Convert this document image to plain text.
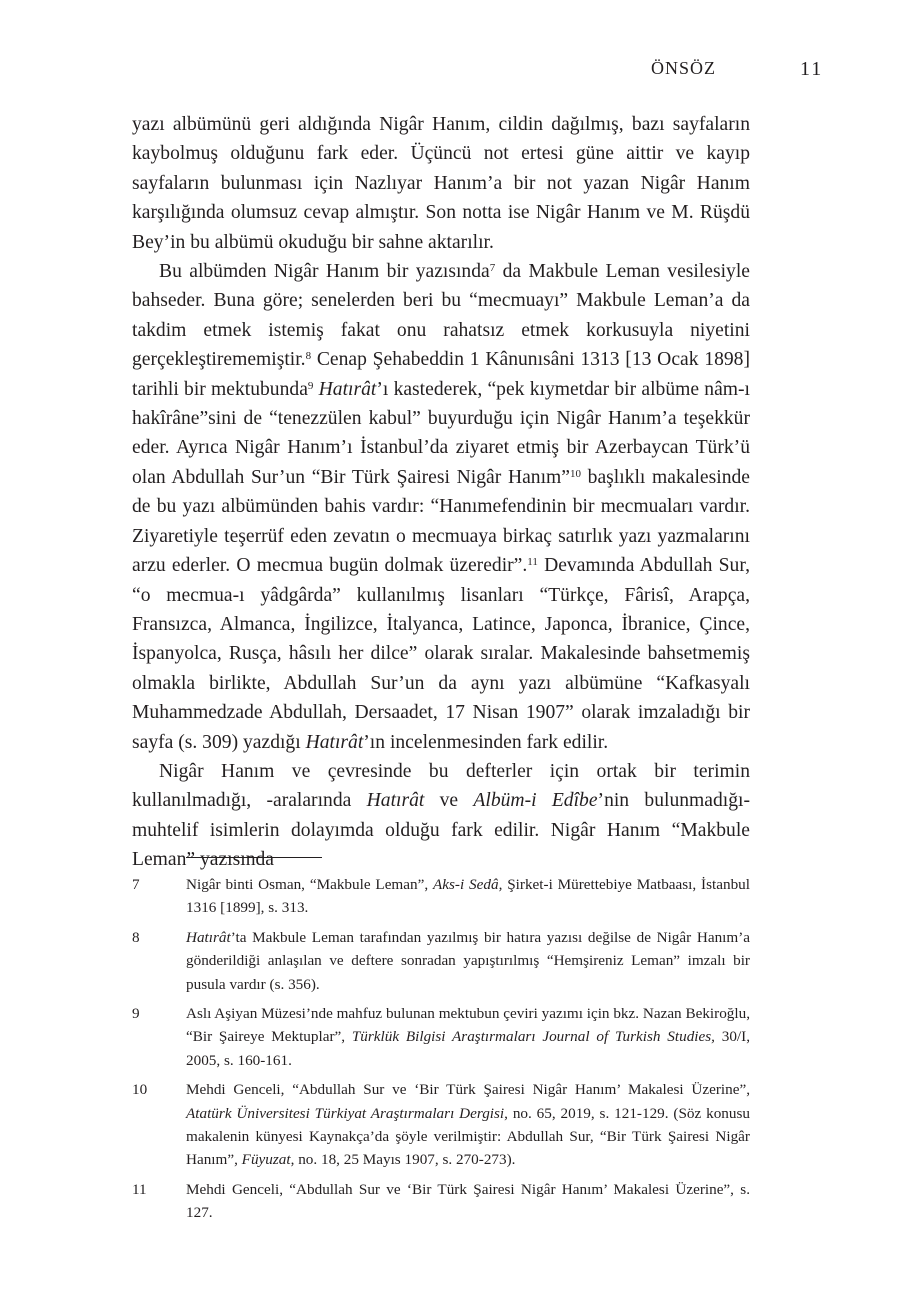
ÖNSÖZ	11

yazı albümünü geri aldığında Nigâr Hanım, cildin dağılmış, bazı sayfaların kaybolmuş olduğunu fark eder. Üçüncü not ertesi güne aittir ve kayıp sayfaların bulunması için Nazlıyar Hanım’a bir not yazan Nigâr Hanım karşılığında olumsuz cevap almıştır. Son notta ise Nigâr Hanım ve M. Rüşdü Bey’in bu albümü okuduğu bir sahne aktarılır.

Bu albümden Nigâr Hanım bir yazısında$^7$ da Makbule Leman vesilesiyle bahseder. Buna göre; senelerden beri bu “mecmuayı” Makbule Leman’a da takdim etmek istemiş fakat onu rahatsız etmek korkusuyla niyetini gerçekleştirememiştir.$^8$ Cenap Şehabeddin 1 Kânunısâni 1313 [13 Ocak 1898] tarihli bir mektubunda$^9$ Hatırât’ı kastederek, “pek kıymetdar bir albüme nâm-ı hakîrâne”sini de “tenezzülen kabul” buyurduğu için Nigâr Hanım’a teşekkür eder. Ayrıca Nigâr Hanım’ı İstanbul’da ziyaret etmiş bir Azerbaycan Türk’ü olan Abdullah Sur’un “Bir Türk Şairesi Nigâr Hanım”$^{10}$ başlıklı makalesinde de bu yazı albümünden bahis vardır: “Hanımefendinin bir mecmuaları vardır. Ziyaretiyle teşerrüf eden zevatın o mecmuaya birkaç satırlık yazı yazmalarını arzu ederler. O mecmua bugün dolmak üzeredir”.$^{11}$ Devamında Abdullah Sur, “o mecmua-ı yâdgârda” kullanılmış lisanları “Türkçe, Fârisî, Arapça, Fransızca, Almanca, İngilizce, İtalyanca, Latince, Japonca, İbranice, Çince, İspanyolca, Rusça, hâsılı her dilce” olarak sıralar. Makalesinde bahsetmemiş olmakla birlikte, Abdullah Sur’un da aynı yazı albümüne “Kafkasyalı Muhammedzade Abdullah, Dersaadet, 17 Nisan 1907” olarak imzaladığı bir sayfa (s. 309) yazdığı Hatırât’ın incelenmesinden fark edilir.

Nigâr Hanım ve çevresinde bu defterler için ortak bir terimin kullanılmadığı, -aralarında Hatırât ve Albüm-i Edîbe’nin bulunmadığı- muhtelif isimlerin dolayımda olduğu fark edilir. Nigâr Hanım “Makbule Leman” yazısında

7	Nigâr binti Osman, “Makbule Leman”, Aks-i Sedâ, Şirket-i Mürettebiye Matbaası, İstanbul 1316 [1899], s. 313.
8	Hatırât’ta Makbule Leman tarafından yazılmış bir hatıra yazısı değilse de Nigâr Hanım’a gönderildiği anlaşılan ve deftere sonradan yapıştırılmış “Hemşireniz Leman” imzalı bir pusula vardır (s. 356).
9	Aslı Aşiyan Müzesi’nde mahfuz bulunan mektubun çeviri yazımı için bkz. Nazan Bekiroğlu, “Bir Şaireye Mektuplar”, Türklük Bilgisi Araştırmaları Journal of Turkish Studies, 30/I, 2005, s. 160-161.
10	Mehdi Genceli, “Abdullah Sur ve ‘Bir Türk Şairesi Nigâr Hanım’ Makalesi Üzerine”, Atatürk Üniversitesi Türkiyat Araştırmaları Dergisi, no. 65, 2019, s. 121-129. (Söz konusu makalenin künyesi Kaynakça’da şöyle verilmiştir: Abdullah Sur, “Bir Türk Şairesi Nigâr Hanım”, Füyuzat, no. 18, 25 Mayıs 1907, s. 270-273).
11	Mehdi Genceli, “Abdullah Sur ve ‘Bir Türk Şairesi Nigâr Hanım’ Makalesi Üzerine”, s. 127.
